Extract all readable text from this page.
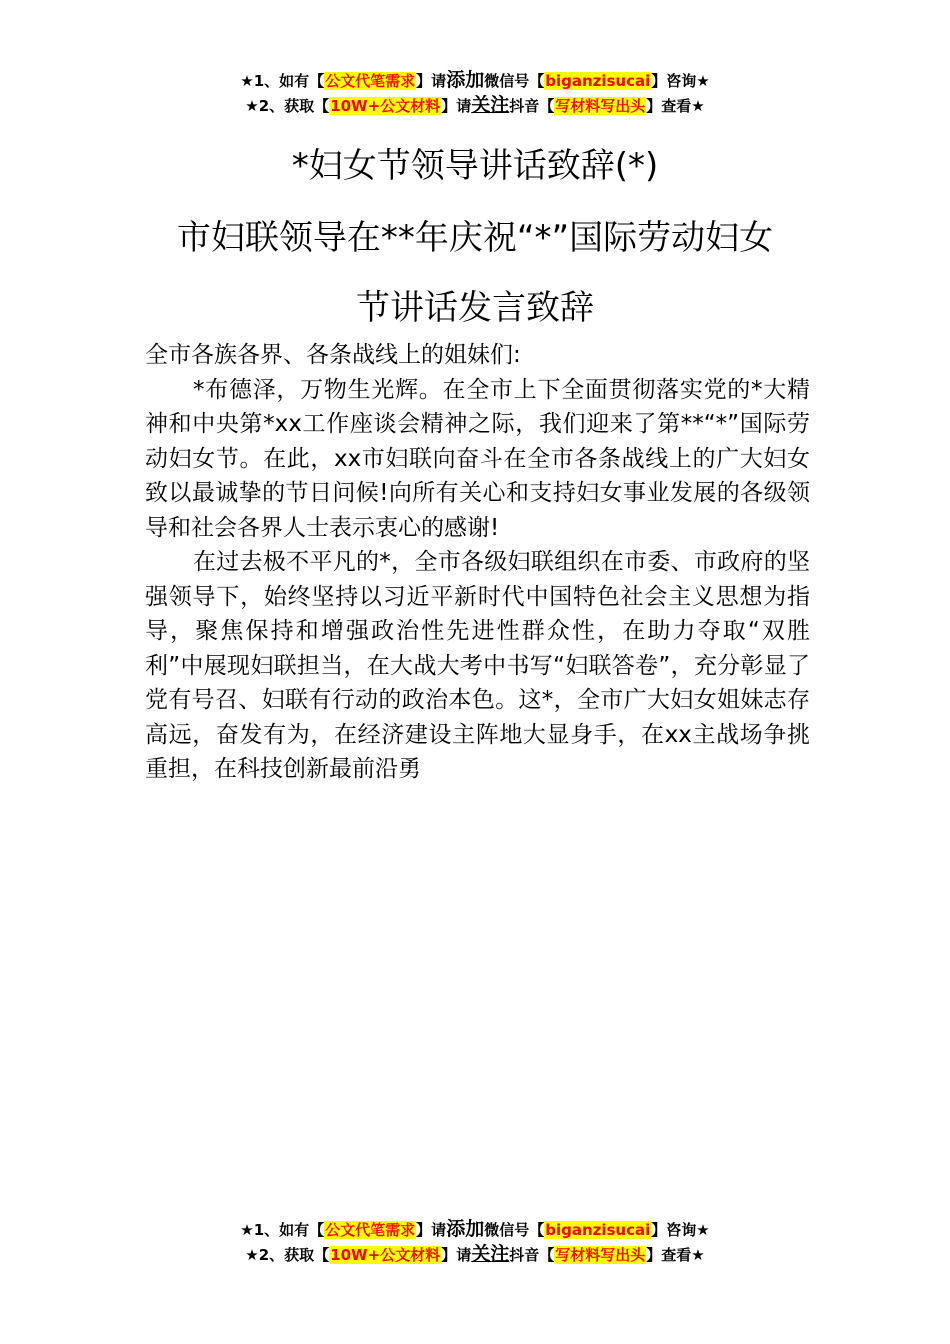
★1、如有【公文代笔需求】请添加微信号【biganzisucai】咨询★
★2、获取【10W+公文材料】请关注抖音【写材料写出头】查看★
*妇女节领导讲话致辞(*)
市妇联领导在**年庆祝“*”国际劳动妇女
节讲话发言致辞

全市各族各界、各条战线上的姐妹们:

*布德泽，万物生光辉。在全市上下全面贯彻落实党的*大精神和中央第*xx工作座谈会精神之际，我们迎来了第**“*”国际劳动妇女节。在此，xx市妇联向奋斗在全市各条战线上的广大妇女致以最诚挚的节日问候!向所有关心和支持妇女事业发展的各级领导和社会各界人士表示衷心的感谢!

在过去极不平凡的*，全市各级妇联组织在市委、市政府的坚强领导下，始终坚持以习近平新时代中国特色社会主义思想为指导，聚焦保持和增强政治性先进性群众性，在助力夺取“双胜利”中展现妇联担当，在大战大考中书写“妇联答卷”，充分彰显了党有号召、妇联有行动的政治本色。这*，全市广大妇女姐妹志存高远，奋发有为，在经济建设主阵地大显身手，在xx主战场争挑重担，在科技创新最前沿勇

★1、如有【公文代笔需求】请添加微信号【biganzisucai】咨询★
★2、获取【10W+公文材料】请关注抖音【写材料写出头】查看★
